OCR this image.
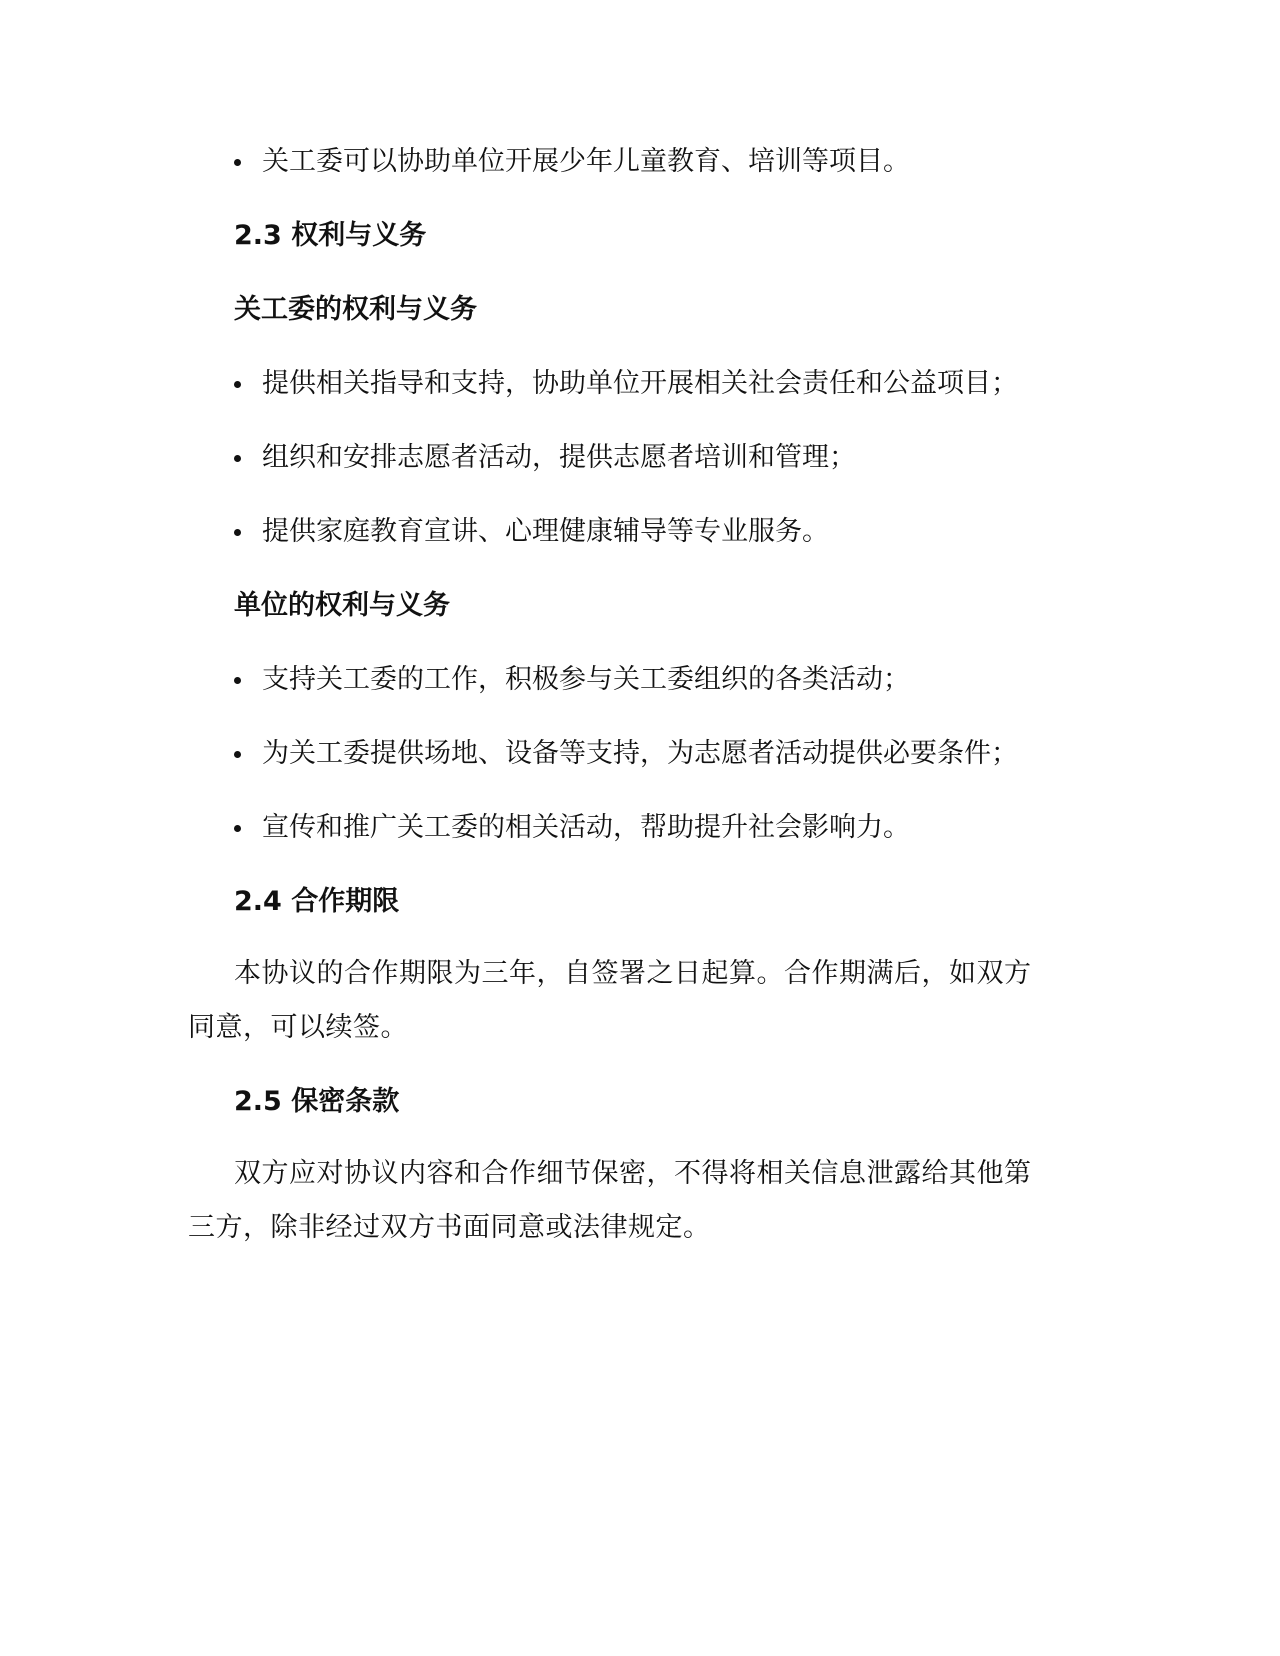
关工委可以协助单位开展少年儿童教育、培训等项目。
2.3 权利与义务
关工委的权利与义务
提供相关指导和支持，协助单位开展相关社会责任和公益项目；
组织和安排志愿者活动，提供志愿者培训和管理；
提供家庭教育宣讲、心理健康辅导等专业服务。
单位的权利与义务
支持关工委的工作，积极参与关工委组织的各类活动；
为关工委提供场地、设备等支持，为志愿者活动提供必要条件；
宣传和推广关工委的相关活动，帮助提升社会影响力。
2.4 合作期限
本协议的合作期限为三年，自签署之日起算。合作期满后，如双方
同意，可以续签。
2.5 保密条款
双方应对协议内容和合作细节保密，不得将相关信息泄露给其他第
三方，除非经过双方书面同意或法律规定。
